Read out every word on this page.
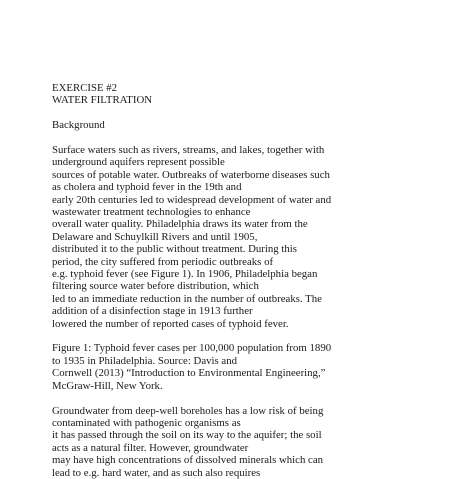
EXERCISE #2
WATER FILTRATION
Background
Surface waters such as rivers, streams, and lakes, together with
underground aquifers represent possible
sources of potable water. Outbreaks of waterborne diseases such
as cholera and typhoid fever in the 19th and
early 20th centuries led to widespread development of water and
wastewater treatment technologies to enhance
overall water quality. Philadelphia draws its water from the
Delaware and Schuylkill Rivers and until 1905,
distributed it to the public without treatment. During this
period, the city suffered from periodic outbreaks of
e.g. typhoid fever (see Figure 1). In 1906, Philadelphia began
filtering source water before distribution, which
led to an immediate reduction in the number of outbreaks. The
addition of a disinfection stage in 1913 further
lowered the number of reported cases of typhoid fever.
Figure 1: Typhoid fever cases per 100,000 population from 1890
to 1935 in Philadelphia. Source: Davis and
Cornwell (2013) “Introduction to Environmental Engineering,”
McGraw-Hill, New York.
Groundwater from deep-well boreholes has a low risk of being
contaminated with pathogenic organisms as
it has passed through the soil on its way to the aquifer; the soil
acts as a natural filter. However, groundwater
may have high concentrations of dissolved minerals which can
lead to e.g. hard water, and as such also requires
